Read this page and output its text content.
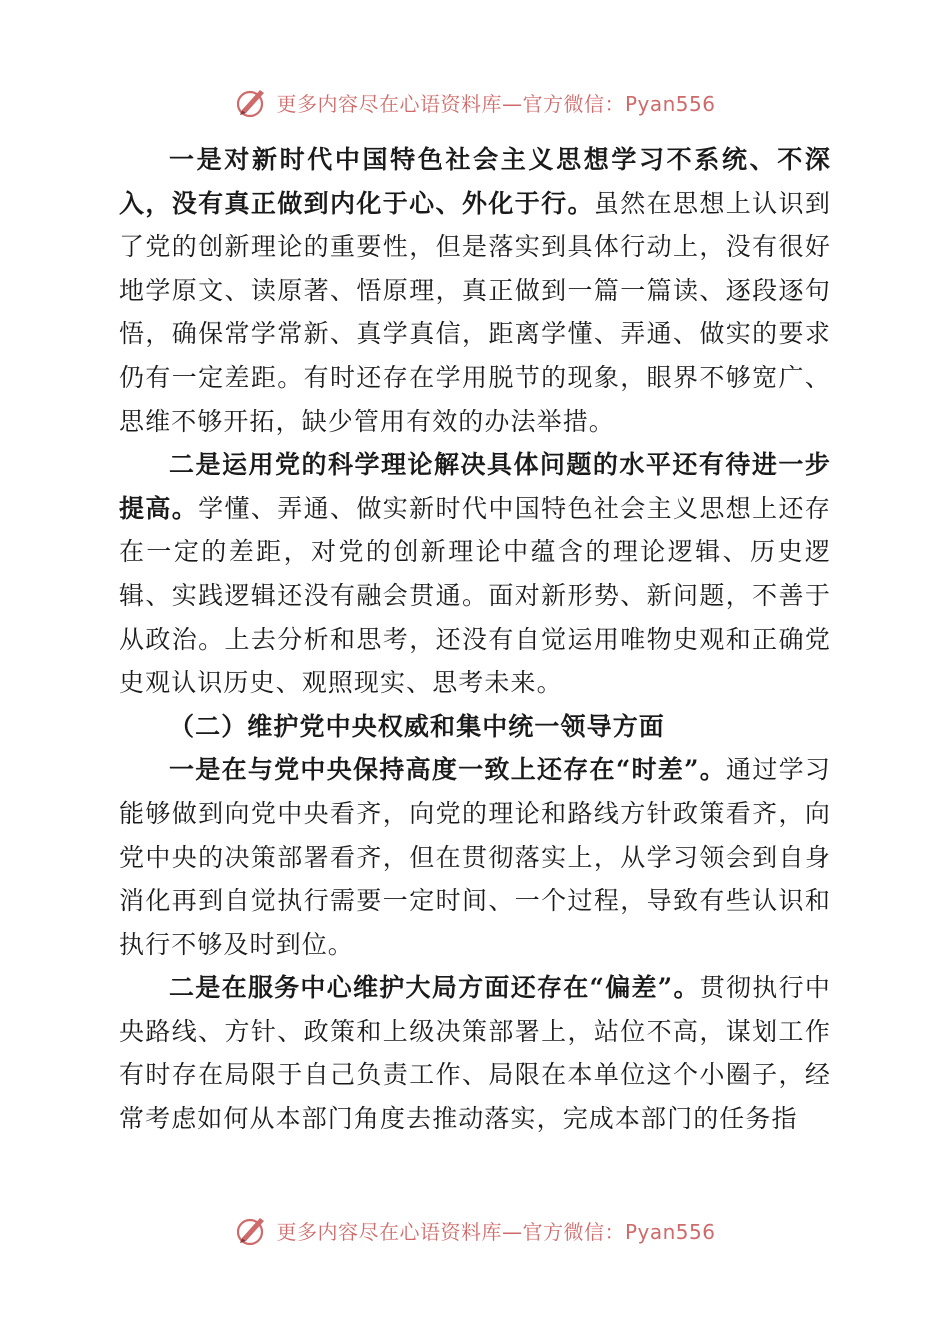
更多内容尽在心语资料库—官方微信：Pyan556

一是对新时代中国特色社会主义思想学习不系统、不深入，没有真正做到内化于心、外化于行。虽然在思想上认识到了党的创新理论的重要性，但是落实到具体行动上，没有很好地学原文、读原著、悟原理，真正做到一篇一篇读、逐段逐句悟，确保常学常新、真学真信，距离学懂、弄通、做实的要求仍有一定差距。有时还存在学用脱节的现象，眼界不够宽广、思维不够开拓，缺少管用有效的办法举措。

二是运用党的科学理论解决具体问题的水平还有待进一步提高。学懂、弄通、做实新时代中国特色社会主义思想上还存在一定的差距，对党的创新理论中蕴含的理论逻辑、历史逻辑、实践逻辑还没有融会贯通。面对新形势、新问题，不善于从政治。上去分析和思考，还没有自觉运用唯物史观和正确党史观认识历史、观照现实、思考未来。

（二）维护党中央权威和集中统一领导方面

一是在与党中央保持高度一致上还存在“时差”。通过学习能够做到向党中央看齐，向党的理论和路线方针政策看齐，向党中央的决策部署看齐，但在贯彻落实上，从学习领会到自身消化再到自觉执行需要一定时间、一个过程，导致有些认识和执行不够及时到位。

二是在服务中心维护大局方面还存在“偏差”。贯彻执行中央路线、方针、政策和上级决策部署上，站位不高，谋划工作有时存在局限于自己负责工作、局限在本单位这个小圈子，经常考虑如何从本部门角度去推动落实，完成本部门的任务指

更多内容尽在心语资料库—官方微信：Pyan556
